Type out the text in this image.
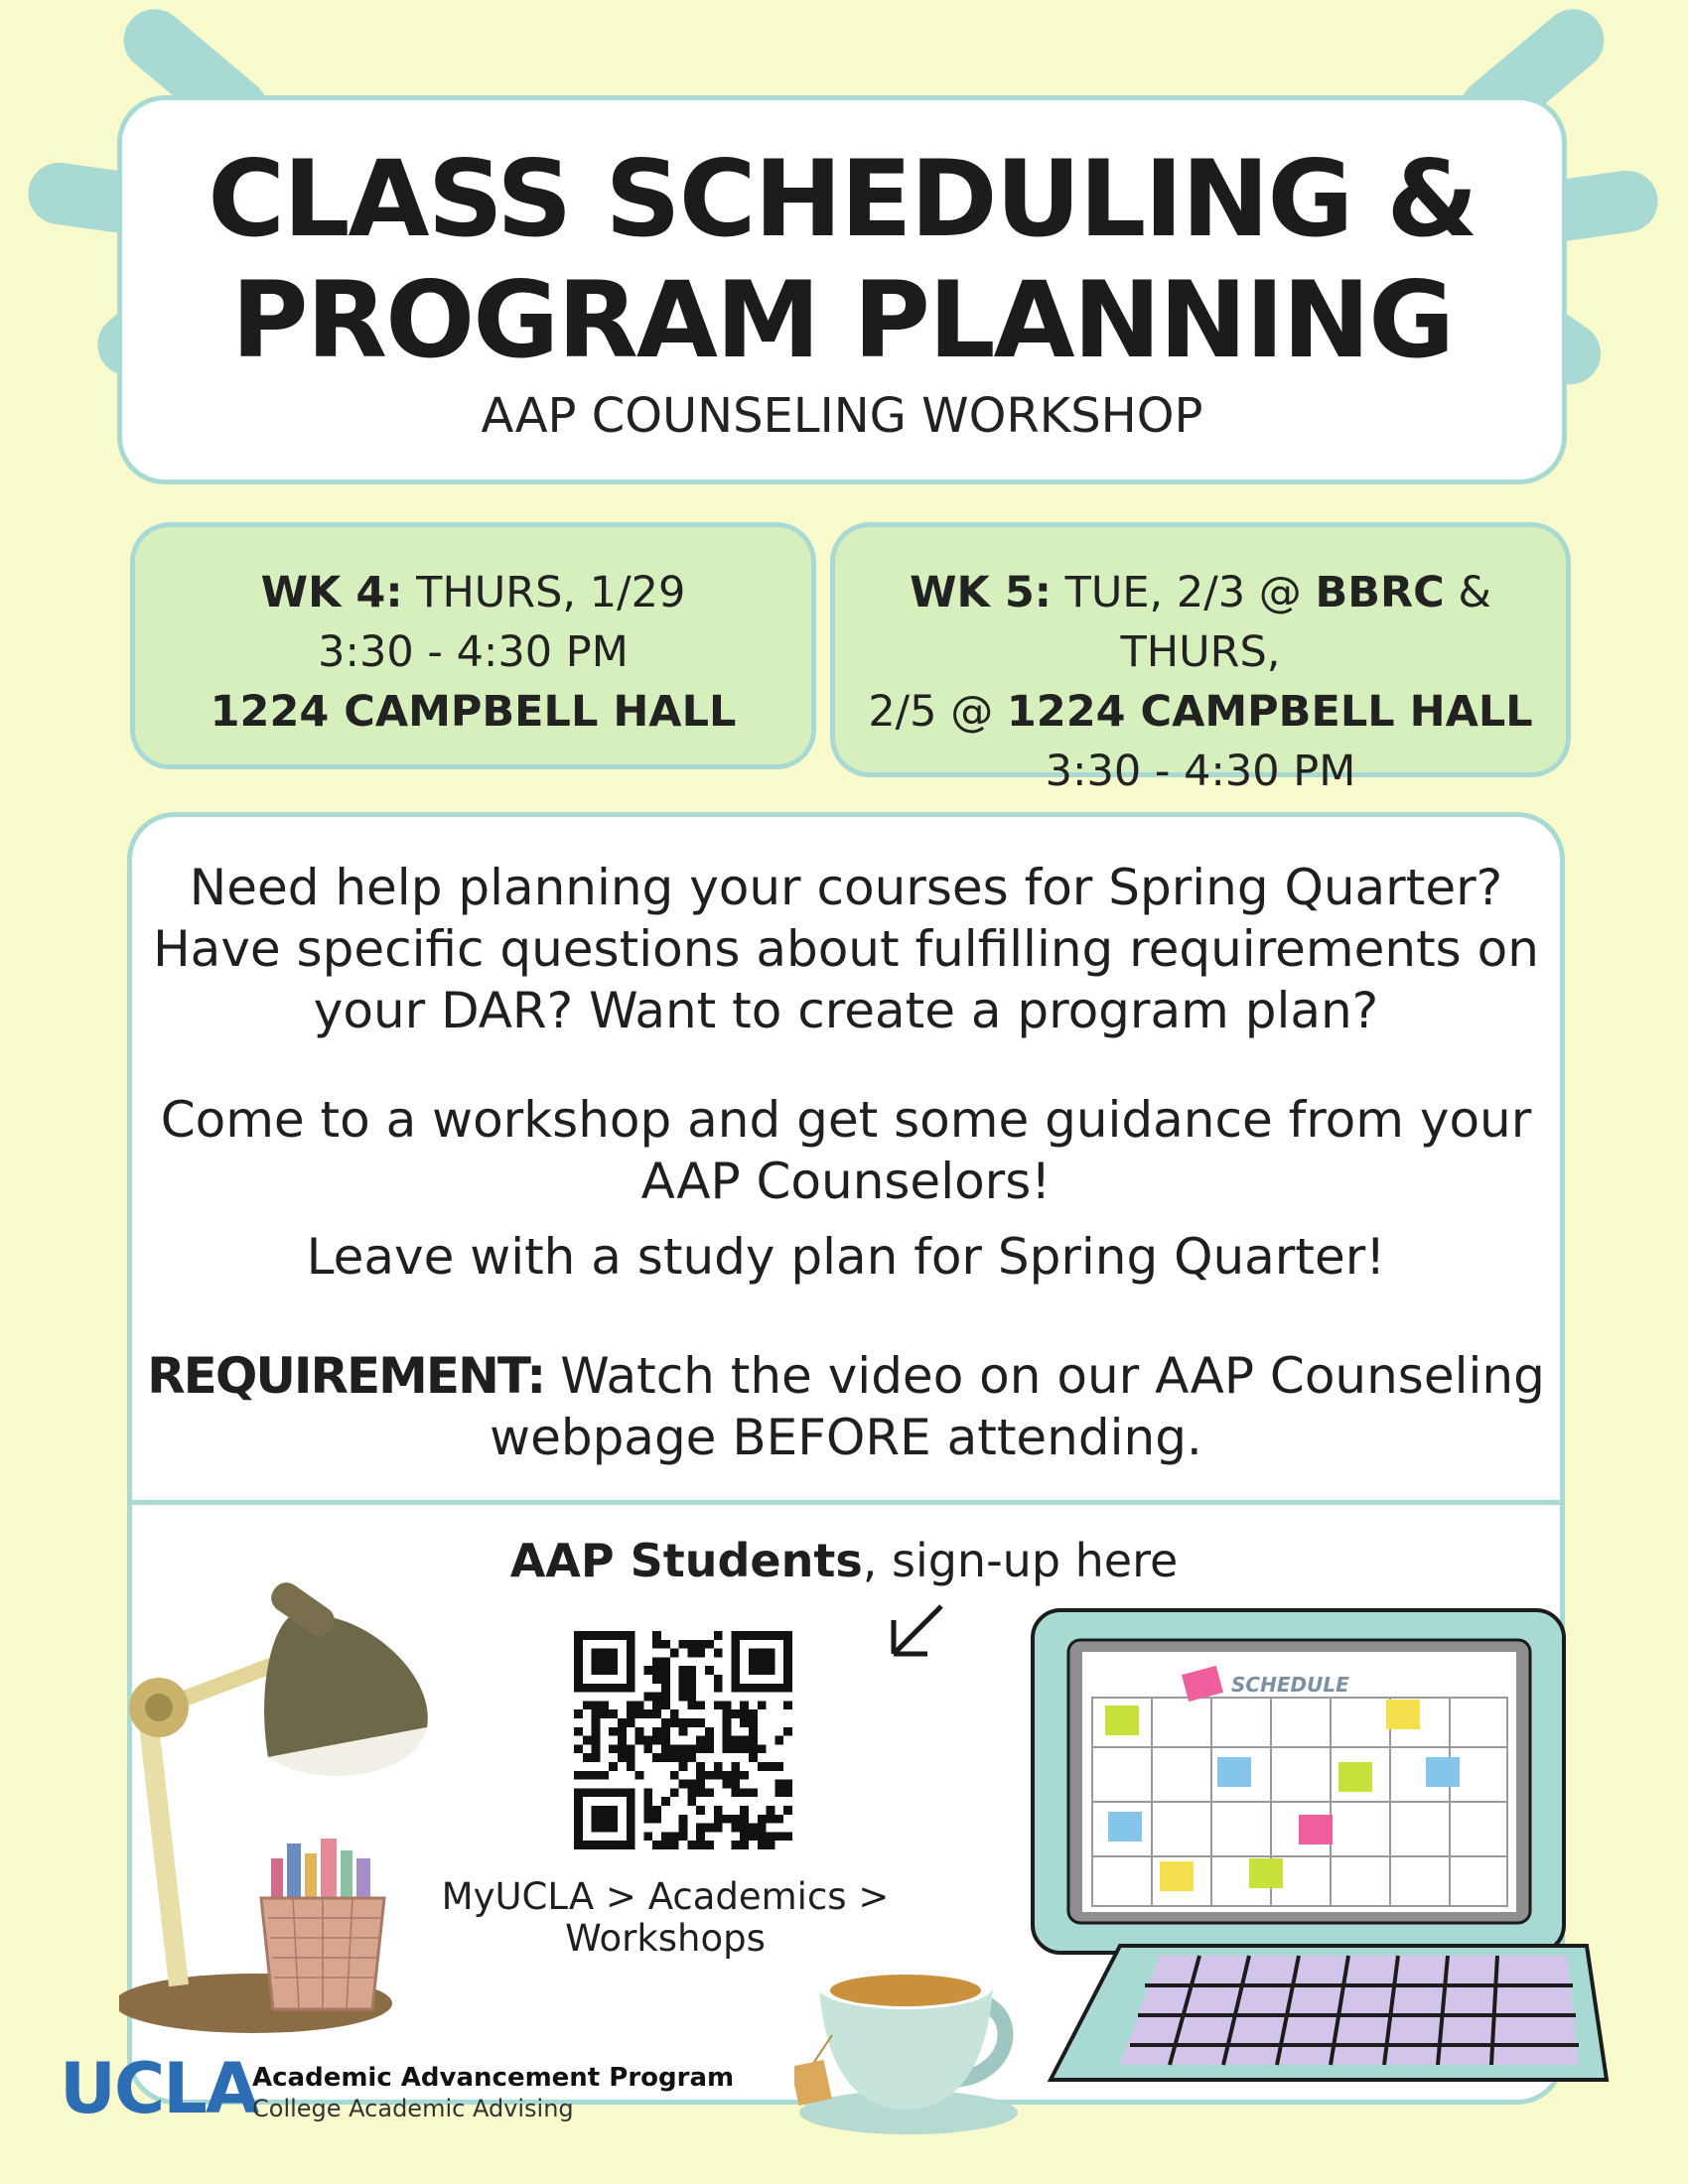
CLASS SCHEDULING &
PROGRAM PLANNING
AAP COUNSELING WORKSHOP
WK 4: THURS, 1/29
3:30 - 4:30 PM
1224 CAMPBELL HALL
WK 5: TUE, 2/3 @ BBRC & THURS,
2/5 @ 1224 CAMPBELL HALL
3:30 - 4:30 PM
Need help planning your courses for Spring Quarter?
Have specific questions about fulfilling requirements on
your DAR? Want to create a program plan?
Come to a workshop and get some guidance from your
AAP Counselors!
Leave with a study plan for Spring Quarter!
REQUIREMENT: Watch the video on our AAP Counseling
webpage BEFORE attending.
AAP Students, sign-up here
MyUCLA > Academics >
Workshops
SCHEDULE
UCLA
Academic Advancement Program
College Academic Advising
